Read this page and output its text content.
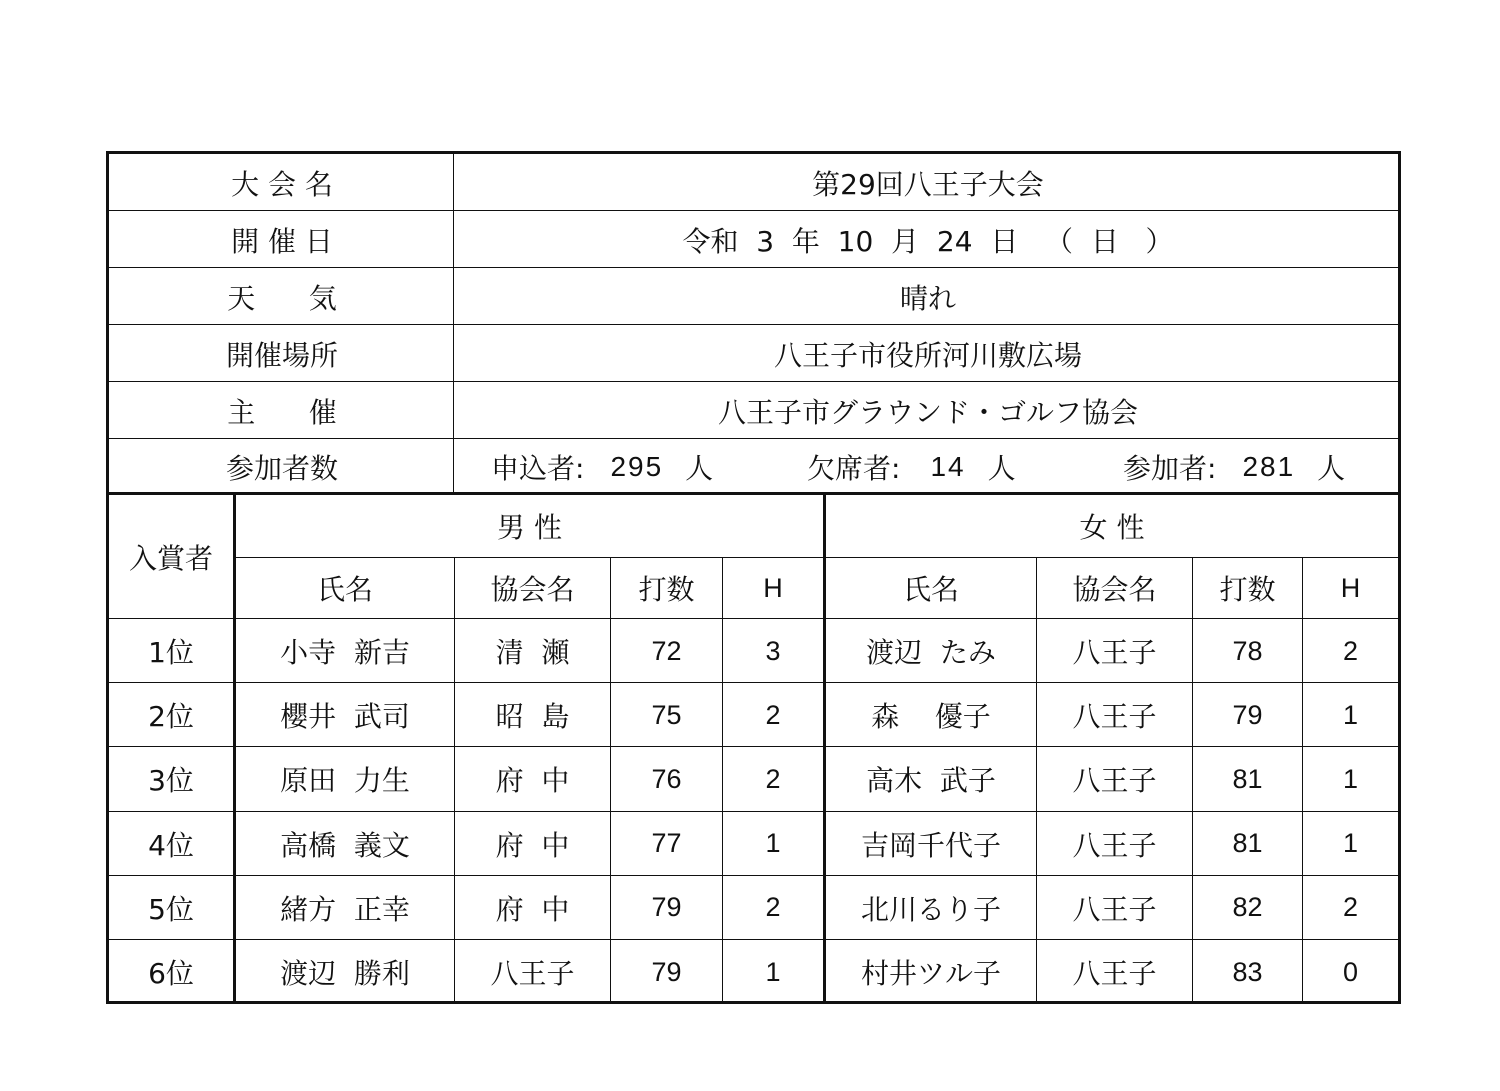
大 会 名	第29回八王子大会
開 催 日	令和  3  年  10  月  24  日   （  日   ）
天      気	晴れ
開催場所	八王子市役所河川敷広場
主      催	八王子市グラウンド・ゴルフ協会
参加者数	申込者: 295 人	欠席者: 14 人	参加者: 281 人
入賞者
男 性	女 性
氏名	協会名	打数	H	氏名	協会名	打数	H
1位	小寺  新吉	清  瀬	72	3	渡辺  たみ	八王子	78	2
2位	櫻井  武司	昭  島	75	2	森    優子	八王子	79	1
3位	原田  力生	府  中	76	2	高木  武子	八王子	81	1
4位	高橋  義文	府  中	77	1	吉岡千代子	八王子	81	1
5位	緒方  正幸	府  中	79	2	北川るり子	八王子	82	2
6位	渡辺  勝利	八王子	79	1	村井ツル子	八王子	83	0
